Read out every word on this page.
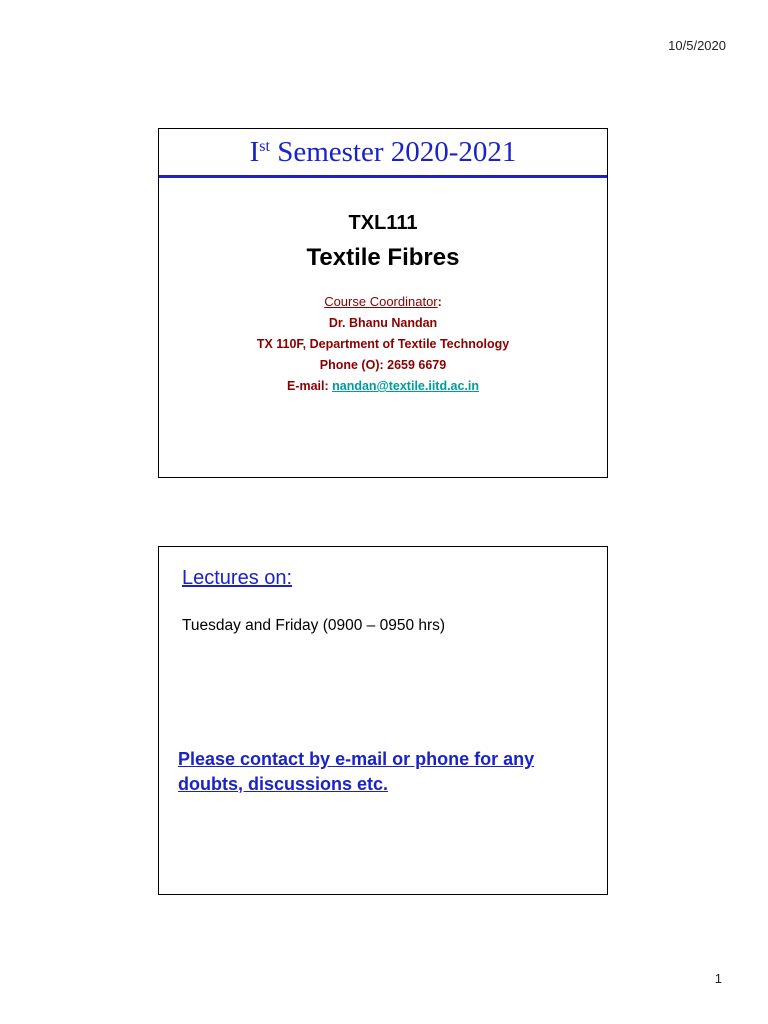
10/5/2020
Ist Semester 2020-2021
TXL111
Textile Fibres
Course Coordinator:
Dr. Bhanu Nandan
TX 110F, Department of Textile Technology
Phone (O): 2659 6679
E-mail: nandan@textile.iitd.ac.in
Lectures on:
Tuesday and Friday (0900 – 0950 hrs)
Please contact by e-mail or phone for any doubts, discussions etc.
1
